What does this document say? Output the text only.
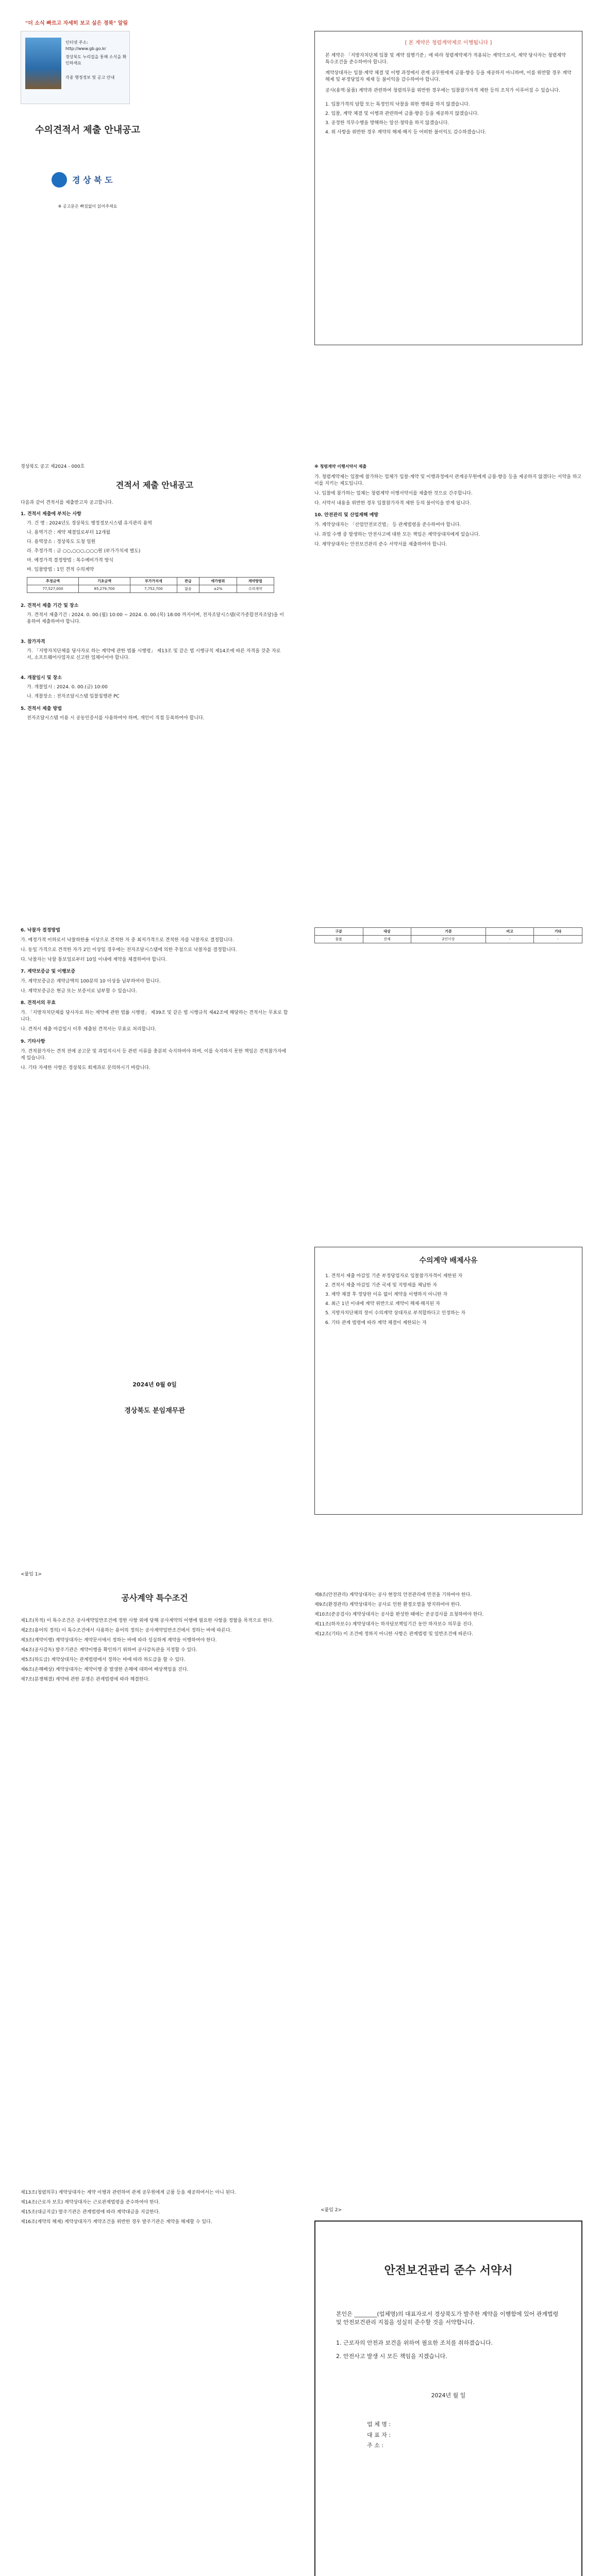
"더 소식 빠르고 자세히 보고 싶은 경북" 알림
인터넷 주소: http://www.gb.go.kr
경상북도 누리집을 통해 소식을 확인하세요
각종 행정정보 및 공고 안내
수의견적서 제출 안내공고
경 상 북 도
※ 공고문은 빠짐없이 읽어주세요
[ 본 계약은 청렴계약제로 이행됩니다 ]

본 계약은 「지방자치단체 입찰 및 계약 집행기준」에 따라 청렴계약제가 적용되는 계약으로서, 계약 당사자는 청렴계약 특수조건을 준수하여야 합니다.

계약상대자는 입찰·계약 체결 및 이행 과정에서 관계 공무원에게 금품·향응 등을 제공하지 아니하며, 이를 위반할 경우 계약 해제 및 부정당업자 제재 등 불이익을 감수하여야 합니다.

공사(용역·물품) 계약과 관련하여 청렴의무를 위반한 경우에는 입찰참가자격 제한 등의 조치가 이루어질 수 있습니다.

1. 입찰가격의 담합 또는 특정인의 낙찰을 위한 행위를 하지 않겠습니다.
2. 입찰, 계약 체결 및 이행과 관련하여 금품·향응 등을 제공하지 않겠습니다.
3. 공정한 직무수행을 방해하는 알선·청탁을 하지 않겠습니다.
4. 위 사항을 위반한 경우 계약의 해제·해지 등 어떠한 불이익도 감수하겠습니다.
경상북도 공고 제2024 - 000호
견적서 제출 안내공고
다음과 같이 견적서를 제출받고자 공고합니다.
1. 견적서 제출에 부치는 사항
가. 건 명 : 2024년도 경상북도 행정정보시스템 유지관리 용역
나. 용역기간 : 계약 체결일로부터 12개월
다. 용역장소 : 경상북도 도청 일원
라. 추정가격 : 금 ○○,○○○,○○○원 (부가가치세 별도)
마. 예정가격 결정방법 : 복수예비가격 방식
바. 입찰방법 : 1인 견적 수의계약
추정금액	기초금액	부가가치세	관급	예가범위	계약방법
77,527,000	85,279,700	7,752,700	없음	±2%	수의계약
2. 견적서 제출 기간 및 장소
가. 견적서 제출기간 : 2024. 0. 00.(월) 10:00 ~ 2024. 0. 00.(목) 18:00 까지이며, 전자조달시스템(국가종합전자조달)을 이용하여 제출하여야 합니다.
3. 참가자격
가. 「지방자치단체를 당사자로 하는 계약에 관한 법률 시행령」 제13조 및 같은 법 시행규칙 제14조에 따른 자격을 갖춘 자로서, 소프트웨어사업자로 신고한 업체이어야 합니다.
4. 개찰일시 및 장소
가. 개찰일시 : 2024. 0. 00.(금) 10:00
나. 개찰장소 : 전자조달시스템 입찰집행관 PC
5. 견적서 제출 방법
전자조달시스템 이용 시 공동인증서를 사용하여야 하며, 개인이 직접 등록하여야 합니다.
※ 청렴계약 이행서약서 제출

가. 청렴계약제는 입찰에 참가하는 업체가 입찰·계약 및 이행과정에서 관계공무원에게 금품·향응 등을 제공하지 않겠다는 서약을 하고 이를 지키는 제도입니다.

나. 입찰에 참가하는 업체는 청렴계약 이행서약서를 제출한 것으로 간주합니다.

다. 서약서 내용을 위반한 경우 입찰참가자격 제한 등의 불이익을 받게 됩니다.

10. 안전관리 및 산업재해 예방

가. 계약상대자는 「산업안전보건법」 등 관계법령을 준수하여야 합니다.

나. 과업 수행 중 발생하는 안전사고에 대한 모든 책임은 계약상대자에게 있습니다.

다. 계약상대자는 안전보건관리 준수 서약서를 제출하여야 합니다.

6. 낙찰자 결정방법

가. 예정가격 이하로서 낙찰하한율 이상으로 견적한 자 중 최저가격으로 견적한 자를 낙찰자로 결정합니다.

나. 동일 가격으로 견적한 자가 2인 이상일 경우에는 전자조달시스템에 의한 추첨으로 낙찰자를 결정합니다.

다. 낙찰자는 낙찰 통보일로부터 10일 이내에 계약을 체결하여야 합니다.

7. 계약보증금 및 이행보증

가. 계약보증금은 계약금액의 100분의 10 이상을 납부하여야 합니다.

나. 계약보증금은 현금 또는 보증서로 납부할 수 있습니다.

8. 견적서의 무효

가. 「지방자치단체를 당사자로 하는 계약에 관한 법률 시행령」 제39조 및 같은 법 시행규칙 제42조에 해당하는 견적서는 무효로 합니다.

나. 견적서 제출 마감일시 이후 제출된 견적서는 무효로 처리합니다.

9. 기타사항

가. 견적참가자는 견적 전에 공고문 및 과업지시서 등 관련 서류를 충분히 숙지하여야 하며, 이를 숙지하지 못한 책임은 견적참가자에게 있습니다.

나. 기타 자세한 사항은 경상북도 회계과로 문의하시기 바랍니다.

2024년 0월 0일
경상북도 분임재무관
구분	대상	기준	비고	기타
물품	전체	2인이상	-	-
수의계약 배제사유
1. 견적서 제출 마감일 기준 부정당업자로 입찰참가자격이 제한된 자
2. 견적서 제출 마감일 기준 국세 및 지방세를 체납한 자
3. 계약 체결 후 정당한 이유 없이 계약을 이행하지 아니한 자
4. 최근 1년 이내에 계약 위반으로 계약이 해제·해지된 자
5. 지방자치단체의 장이 수의계약 상대자로 부적합하다고 인정하는 자
6. 기타 관계 법령에 따라 계약 체결이 제한되는 자
<붙임 1>
공사계약 특수조건

제1조(목적) 이 특수조건은 공사계약일반조건에 정한 사항 외에 당해 공사계약의 이행에 필요한 사항을 정함을 목적으로 한다.

제2조(용어의 정의) 이 특수조건에서 사용하는 용어의 정의는 공사계약일반조건에서 정하는 바에 따른다.

제3조(계약이행) 계약상대자는 계약문서에서 정하는 바에 따라 성실하게 계약을 이행하여야 한다.

제4조(공사감독) 발주기관은 계약이행을 확인하기 위하여 공사감독관을 지정할 수 있다.

제5조(하도급) 계약상대자는 관계법령에서 정하는 바에 따라 하도급을 할 수 있다.

제6조(손해배상) 계약상대자는 계약이행 중 발생한 손해에 대하여 배상책임을 진다.

제7조(분쟁해결) 계약에 관한 분쟁은 관계법령에 따라 해결한다.

제8조(안전관리) 계약상대자는 공사 현장의 안전관리에 만전을 기하여야 한다.

제9조(환경관리) 계약상대자는 공사로 인한 환경오염을 방지하여야 한다.

제10조(준공검사) 계약상대자는 공사를 완성한 때에는 준공검사를 요청하여야 한다.

제11조(하자보수) 계약상대자는 하자담보책임기간 동안 하자보수 의무를 진다.

제12조(기타) 이 조건에 정하지 아니한 사항은 관계법령 및 일반조건에 따른다.

제13조(청렴의무) 계약상대자는 계약 이행과 관련하여 관계 공무원에게 금품 등을 제공하여서는 아니 된다.

제14조(근로자 보호) 계약상대자는 근로관계법령을 준수하여야 한다.

제15조(대금지급) 발주기관은 관계법령에 따라 계약대금을 지급한다.

제16조(계약의 해제) 계약상대자가 계약조건을 위반한 경우 발주기관은 계약을 해제할 수 있다.

<붙임 2>
안전보건관리 준수 서약서

본인은 ________(업체명)의 대표자로서 경상북도가 발주한 계약을 이행함에 있어 관계법령 및 안전보건관리 지침을 성실히 준수할 것을 서약합니다.

1. 근로자의 안전과 보건을 위하여 필요한 조치를 취하겠습니다.

2. 안전사고 발생 시 모든 책임을 지겠습니다.

2024년 월 일
업 체 명 :
대 표 자 :
주 소 :
